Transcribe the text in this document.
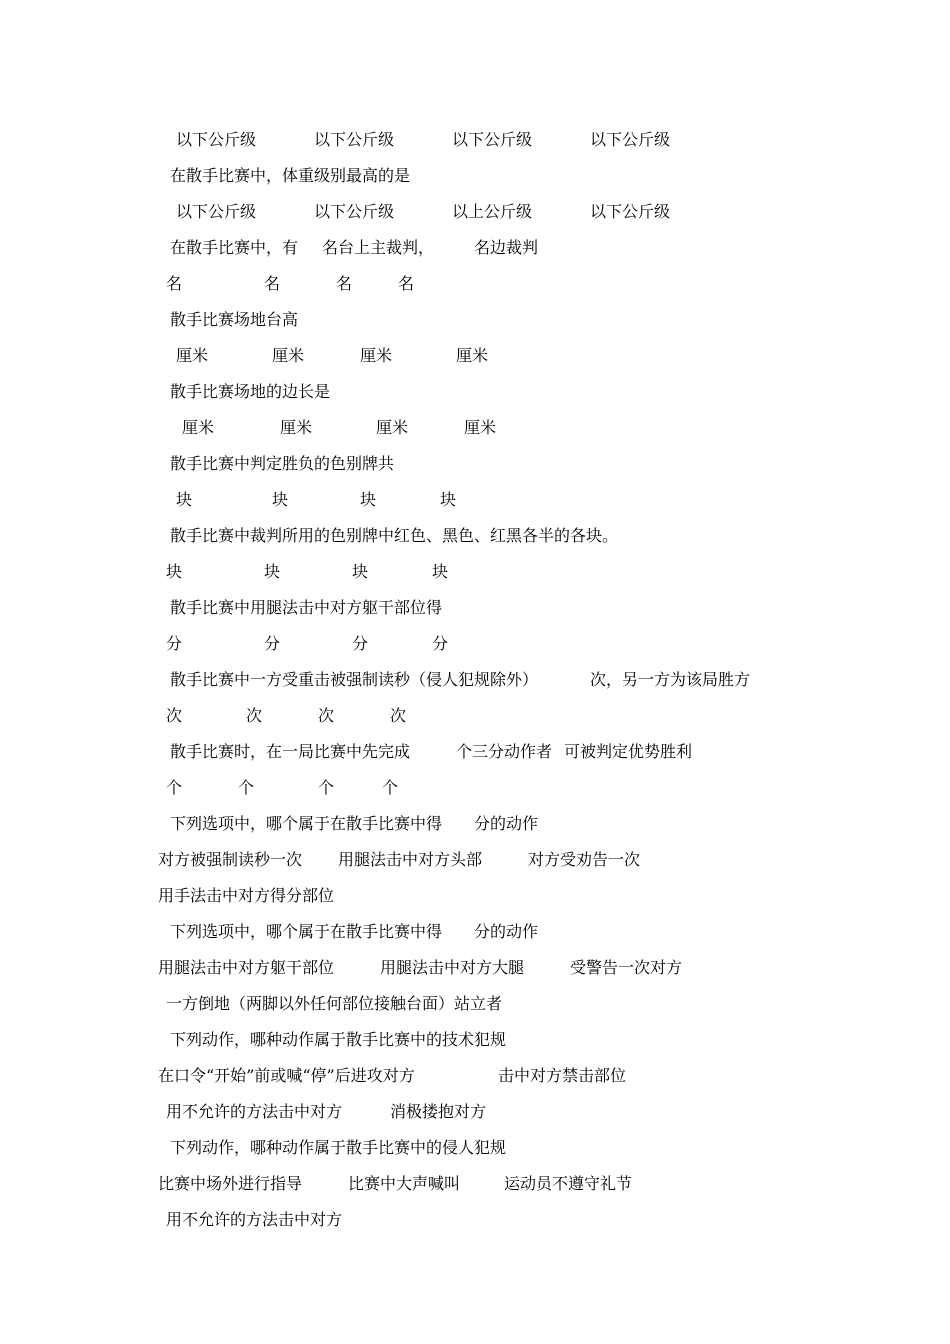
以下公斤级	以下公斤级	以下公斤级	以下公斤级
在散手比赛中，体重级别最高的是
以下公斤级	以下公斤级	以上公斤级	以下公斤级
在散手比赛中，有 名台上主裁判， 名边裁判
名	名	名	名
散手比赛场地台高
厘米	厘米	厘米	厘米
散手比赛场地的边长是
厘米	厘米	厘米	厘米
散手比赛中判定胜负的色别牌共
块	块	块	块
散手比赛中裁判所用的色别牌中红色、黑色、红黑各半的各块。
块	块	块	块
散手比赛中用腿法击中对方躯干部位得
分	分	分	分
散手比赛中一方受重击被强制读秒（侵人犯规除外）	次，另一方为该局胜方
次	次	次	次
散手比赛时，在一局比赛中先完成	个三分动作者 可被判定优势胜利
个	个	个	个
下列选项中，哪个属于在散手比赛中得 分的动作
对方被强制读秒一次 用腿法击中对方头部	对方受劝告一次
用手法击中对方得分部位
下列选项中，哪个属于在散手比赛中得 分的动作
用腿法击中对方躯干部位	用腿法击中对方大腿	受警告一次对方
一方倒地（两脚以外任何部位接触台面）站立者
下列动作，哪种动作属于散手比赛中的技术犯规
在口令“开始”前或喊“停”后进攻对方	击中对方禁击部位
用不允许的方法击中对方	消极搂抱对方
下列动作，哪种动作属于散手比赛中的侵人犯规
比赛中场外进行指导	比赛中大声喊叫	运动员不遵守礼节
用不允许的方法击中对方
